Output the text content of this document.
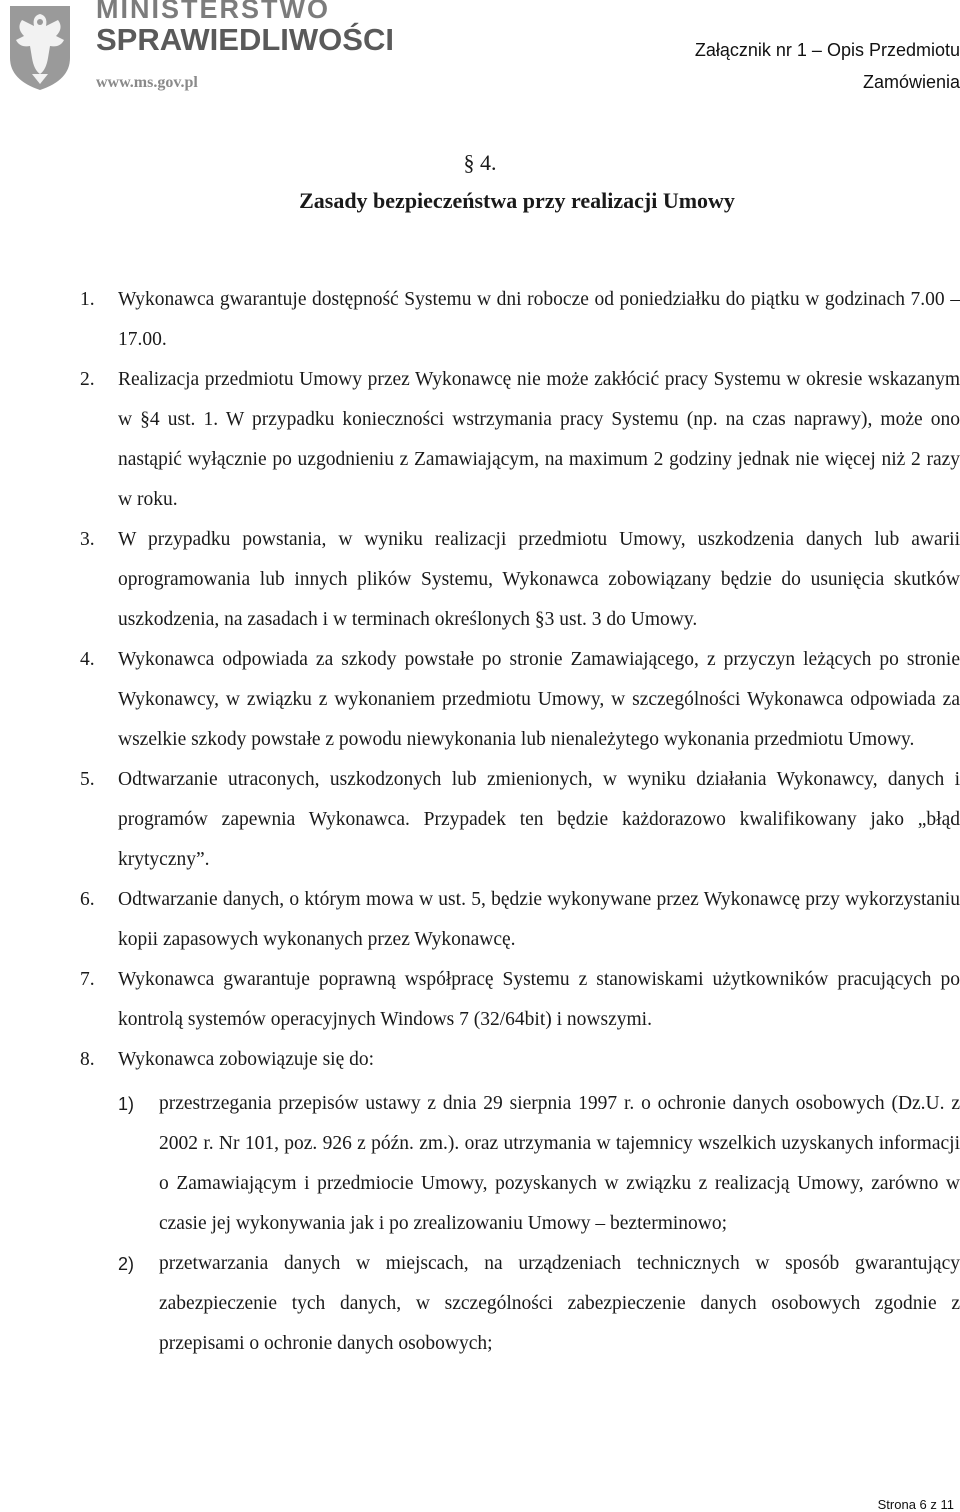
MINISTERSTWO
SPRAWIEDLIWOŚCI
www.ms.gov.pl
Załącznik nr 1 – Opis Przedmiotu
Zamówienia
§ 4.
Zasady bezpieczeństwa przy realizacji Umowy
1. Wykonawca gwarantuje dostępność Systemu w dni robocze od poniedziałku do piątku w godzinach 7.00 – 17.00.
2. Realizacja przedmiotu Umowy przez Wykonawcę nie może zakłócić pracy Systemu w okresie wskazanym w §4 ust. 1. W przypadku konieczności wstrzymania pracy Systemu (np. na czas naprawy), może ono nastąpić wyłącznie po uzgodnieniu z Zamawiającym, na maximum 2 godziny jednak nie więcej niż 2 razy w roku.
3. W przypadku powstania, w wyniku realizacji przedmiotu Umowy, uszkodzenia danych lub awarii oprogramowania lub innych plików Systemu, Wykonawca zobowiązany będzie do usunięcia skutków uszkodzenia, na zasadach i w terminach określonych §3 ust. 3 do Umowy.
4. Wykonawca odpowiada za szkody powstałe po stronie Zamawiającego, z przyczyn leżących po stronie Wykonawcy, w związku z wykonaniem przedmiotu Umowy, w szczególności Wykonawca odpowiada za wszelkie szkody powstałe z powodu niewykonania lub nienależytego wykonania przedmiotu Umowy.
5. Odtwarzanie utraconych, uszkodzonych lub zmienionych, w wyniku działania Wykonawcy, danych i programów zapewnia Wykonawca. Przypadek ten będzie każdorazowo kwalifikowany jako „błąd krytyczny”.
6. Odtwarzanie danych, o którym mowa w ust. 5, będzie wykonywane przez Wykonawcę przy wykorzystaniu kopii zapasowych wykonanych przez Wykonawcę.
7. Wykonawca gwarantuje poprawną współpracę Systemu z stanowiskami użytkowników pracujących po kontrolą systemów operacyjnych Windows 7 (32/64bit) i nowszymi.
8. Wykonawca zobowiązuje się do:
1) przestrzegania przepisów ustawy z dnia 29 sierpnia 1997 r. o ochronie danych osobowych (Dz.U. z 2002 r. Nr 101, poz. 926 z późn. zm.). oraz utrzymania w tajemnicy wszelkich uzyskanych informacji o Zamawiającym i przedmiocie Umowy, pozyskanych w związku z realizacją Umowy, zarówno w czasie jej wykonywania jak i po zrealizowaniu Umowy – bezterminowo;
2) przetwarzania danych w miejscach, na urządzeniach technicznych w sposób gwarantujący zabezpieczenie tych danych, w szczególności zabezpieczenie danych osobowych zgodnie z przepisami o ochronie danych osobowych;
Strona 6 z 11
